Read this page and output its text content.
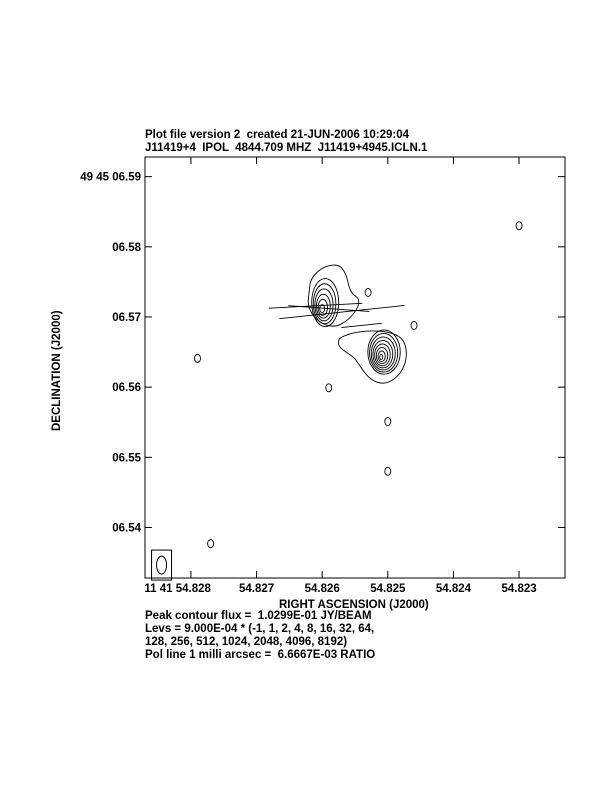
Plot file version 2  created 21-JUN-2006 10:29:04
J11419+4  IPOL  4844.709 MHZ  J11419+4945.ICLN.1
49 45 06.59
06.58
06.57
06.56
06.55
06.54
11 41 54.828 54.827	54.826	54.825	54.824	54.823
RIGHT ASCENSION (J2000)
DECLINATION (J2000)
Peak contour flux =  1.0299E-01 JY/BEAM
Levs = 9.000E-04 * (-1, 1, 2, 4, 8, 16, 32, 64,
128, 256, 512, 1024, 2048, 4096, 8192)
Pol line 1 milli arcsec =  6.6667E-03 RATIO
